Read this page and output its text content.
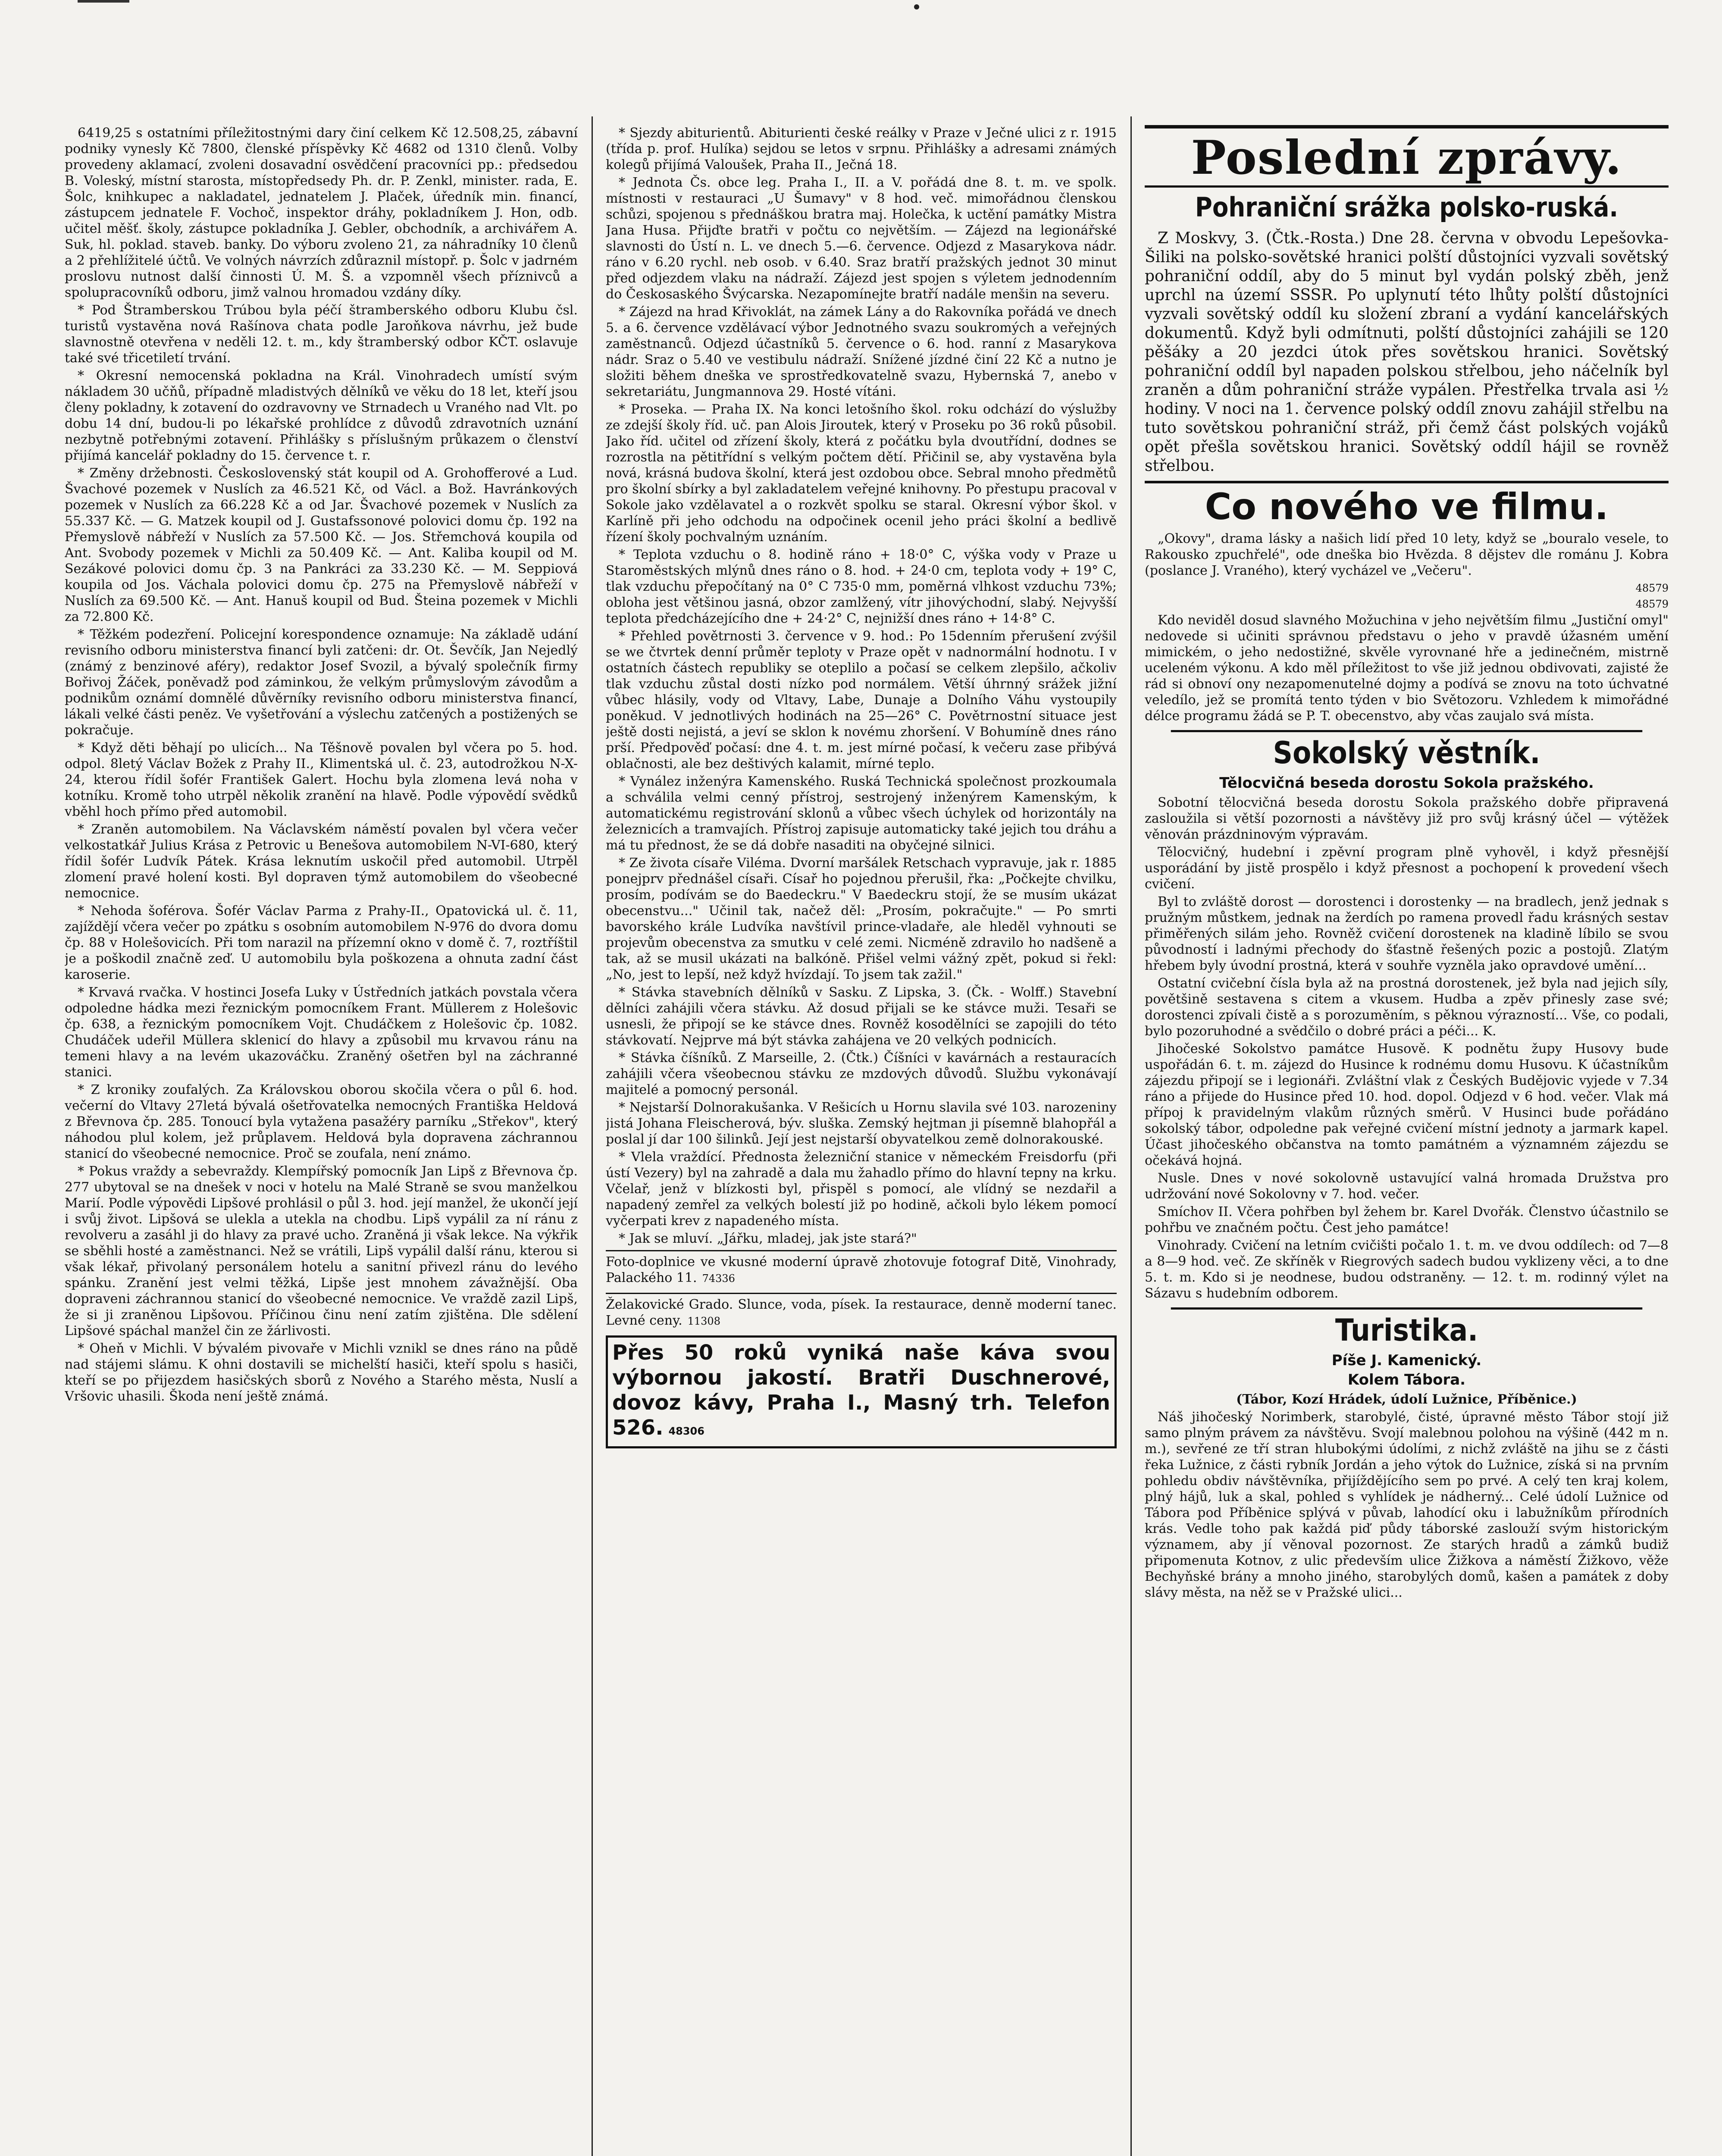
6419,25 s ostatními příležitostnými dary činí celkem Kč 12.508,25, zábavní podniky vynesly Kč 7800, členské příspěvky Kč 4682 od 1310 členů. Volby provedeny aklamací, zvoleni dosavadní osvědčení pracovníci pp.: předsedou B. Voleský, místní starosta, místopředsedy Ph. dr. P. Zenkl, minister. rada, E. Šolc, knihkupec a nakladatel, jednatelem J. Plaček, úředník min. financí, zástupcem jednatele F. Vochoč, inspektor dráhy, pokladníkem J. Hon, odb. učitel měšť. školy, zástupce pokladníka J. Gebler, obchodník, a archivářem A. Suk, hl. poklad. staveb. banky. Do výboru zvoleno 21, za náhradníky 10 členů a 2 přehlížitelé účtů. Ve volných návrzích zdůraznil místopř. p. Šolc v jadrném proslovu nutnost další činnosti Ú. M. Š. a vzpomněl všech příznivců a spolupracovníků odboru, jimž valnou hromadou vzdány díky.

* Pod Štramberskou Trúbou byla péčí štramberského odboru Klubu čsl. turistů vystavěna nová Rašínova chata podle Jaroňkova návrhu, jež bude slavnostně otevřena v neděli 12. t. m., kdy štramberský odbor KČT. oslavuje také své třicetiletí trvání.

* Okresní nemocenská pokladna na Král. Vinohradech umístí svým nákladem 30 učňů, případně mladistvých dělníků ve věku do 18 let, kteří jsou členy pokladny, k zotavení do ozdravovny ve Strnadech u Vraného nad Vlt. po dobu 14 dní, budou-li po lékařské prohlídce z důvodů zdravotních uznání nezbytně potřebnými zotavení. Přihlášky s příslušným průkazem o členství přijímá kancelář pokladny do 15. července t. r.

* Změny držebnosti. Československý stát koupil od A. Grohofferové a Lud. Švachové pozemek v Nuslích za 46.521 Kč, od Václ. a Bož. Havránkových pozemek v Nuslích za 66.228 Kč a od Jar. Švachové pozemek v Nuslích za 55.337 Kč. — G. Matzek koupil od J. Gustafssonové polovici domu čp. 192 na Přemyslově nábřeží v Nuslích za 57.500 Kč. — Jos. Střemchová koupila od Ant. Svobody pozemek v Michli za 50.409 Kč. — Ant. Kaliba koupil od M. Sezákové polovici domu čp. 3 na Pankráci za 33.230 Kč. — M. Seppiová koupila od Jos. Váchala polovici domu čp. 275 na Přemyslově nábřeží v Nuslích za 69.500 Kč. — Ant. Hanuš koupil od Bud. Šteina pozemek v Michli za 72.800 Kč.

* Těžkém podezření. Policejní korespondence oznamuje: Na základě udání revisního odboru ministerstva financí byli zatčeni: dr. Ot. Ševčík, Jan Nejedlý (známý z benzinové aféry), redaktor Josef Svozil, a bývalý společník firmy Bořivoj Žáček, poněvadž pod záminkou, že velkým průmyslovým závodům a podnikům oznámí domnělé důvěrníky revisního odboru ministerstva financí, lákali velké části peněz. Ve vyšetřování a výslechu zatčených a postižených se pokračuje.

* Když děti běhají po ulicích... Na Těšnově povalen byl včera po 5. hod. odpol. 8letý Václav Božek z Prahy II., Klimentská ul. č. 23, autodrožkou N-X-24, kterou řídil šofér František Galert. Hochu byla zlomena levá noha v kotníku. Kromě toho utrpěl několik zranění na hlavě. Podle výpovědí svědků vběhl hoch přímo před automobil.

* Zraněn automobilem. Na Václavském náměstí povalen byl včera večer velkostatkář Julius Krása z Petrovic u Benešova automobilem N-VI-680, který řídil šofér Ludvík Pátek. Krása leknutím uskočil před automobil. Utrpěl zlomení pravé holení kosti. Byl dopraven týmž automobilem do všeobecné nemocnice.

* Nehoda šoférova. Šofér Václav Parma z Prahy-II., Opatovická ul. č. 11, zajíždějí včera večer po zpátku s osobním automobilem N-976 do dvora domu čp. 88 v Holešovicích. Při tom narazil na přízemní okno v domě č. 7, roztříštil je a poškodil značně zeď. U automobilu byla poškozena a ohnuta zadní část karoserie.

* Krvavá rvačka. V hostinci Josefa Luky v Ústředních jatkách povstala včera odpoledne hádka mezi řeznickým pomocníkem Frant. Müllerem z Holešovic čp. 638, a řeznickým pomocníkem Vojt. Chudáčkem z Holešovic čp. 1082. Chudáček udeřil Müllera sklenicí do hlavy a způsobil mu krvavou ránu na temeni hlavy a na levém ukazováčku. Zraněný ošetřen byl na záchranné stanici.

* Z kroniky zoufalých. Za Královskou oborou skočila včera o půl 6. hod. večerní do Vltavy 27letá bývalá ošetřovatelka nemocných Františka Heldová z Břevnova čp. 285. Tonoucí byla vytažena pasažéry parníku „Střekov", který náhodou plul kolem, jež průplavem. Heldová byla dopravena záchrannou stanicí do všeobecné nemocnice. Proč se zoufala, není známo.

* Pokus vraždy a sebevraždy. Klempířský pomocník Jan Lipš z Břevnova čp. 277 ubytoval se na dnešek v noci v hotelu na Malé Straně se svou manželkou Marií. Podle výpovědi Lipšové prohlásil o půl 3. hod. její manžel, že ukončí její i svůj život. Lipšová se ulekla a utekla na chodbu. Lipš vypálil za ní ránu z revolveru a zasáhl ji do hlavy za pravé ucho. Zraněná ji však lekce. Na výkřik se sběhli hosté a zaměstnanci. Než se vrátili, Lipš vypálil další ránu, kterou si však lékař, přivolaný personálem hotelu a sanitní přivezl ránu do levého spánku. Zranění jest velmi těžká, Lipše jest mnohem závažnější. Oba dopraveni záchrannou stanicí do všeobecné nemocnice. Ve vraždě zazil Lipš, že si ji zraněnou Lipšovou. Příčinou činu není zatím zjištěna. Dle sdělení Lipšové spáchal manžel čin ze žárlivosti.

* Oheň v Michli. V bývalém pivovaře v Michli vznikl se dnes ráno na půdě nad stájemi slámu. K ohni dostavili se michelští hasiči, kteří spolu s hasiči, kteří se po přijezdem hasičských sborů z Nového a Starého města, Nuslí a Vršovic uhasili. Škoda není ještě známá.

* Sjezdy abiturientů. Abiturienti české reálky v Praze v Ječné ulici z r. 1915 (třída p. prof. Hulíka) sejdou se letos v srpnu. Přihlášky a adresami známých kolegů přijímá Valoušek, Praha II., Ječná 18.

* Jednota Čs. obce leg. Praha I., II. a V. pořádá dne 8. t. m. ve spolk. místnosti v restauraci „U Šumavy" v 8 hod. več. mimořádnou členskou schůzi, spojenou s přednáškou bratra maj. Holečka, k uctění památky Mistra Jana Husa. Přijďte bratři v počtu co největším. — Zájezd na legionářské slavnosti do Ústí n. L. ve dnech 5.—6. července. Odjezd z Masarykova nádr. ráno v 6.20 rychl. neb osob. v 6.40. Sraz bratří pražských jednot 30 minut před odjezdem vlaku na nádraží. Zájezd jest spojen s výletem jednodenním do Českosaského Švýcarska. Nezapomínejte bratří nadále menšin na severu.

* Zájezd na hrad Křivoklát, na zámek Lány a do Rakovníka pořádá ve dnech 5. a 6. července vzdělávací výbor Jednotného svazu soukromých a veřejných zaměstnanců. Odjezd účastníků 5. července o 6. hod. ranní z Masarykova nádr. Sraz o 5.40 ve vestibulu nádraží. Snížené jízdné činí 22 Kč a nutno je složiti během dneška ve sprostředkovatelně svazu, Hybernská 7, anebo v sekretariátu, Jungmannova 29. Hosté vítáni.

* Proseka. — Praha IX. Na konci letošního škol. roku odchází do výslužby ze zdejší školy říd. uč. pan Alois Jiroutek, který v Proseku po 36 roků působil. Jako říd. učitel od zřízení školy, která z počátku byla dvoutřídní, dodnes se rozrostla na pětitřídní s velkým počtem dětí. Přičinil se, aby vystavěna byla nová, krásná budova školní, která jest ozdobou obce. Sebral mnoho předmětů pro školní sbírky a byl zakladatelem veřejné knihovny. Po přestupu pracoval v Sokole jako vzdělavatel a o rozkvět spolku se staral. Okresní výbor škol. v Karlíně při jeho odchodu na odpočinek ocenil jeho práci školní a bedlivě řízení školy pochvalným uznáním.

* Teplota vzduchu o 8. hodině ráno + 18·0° C, výška vody v Praze u Staroměstských mlýnů dnes ráno o 8. hod. + 24·0 cm, teplota vody + 19° C, tlak vzduchu přepočítaný na 0° C 735·0 mm, poměrná vlhkost vzduchu 73%; obloha jest většinou jasná, obzor zamlžený, vítr jihovýchodní, slabý. Nejvyšší teplota předcházejícího dne + 24·2° C, nejnižší dnes ráno + 14·8° C.

* Přehled povětrnosti 3. července v 9. hod.: Po 15denním přerušení zvýšil se we čtvrtek denní průměr teploty v Praze opět v nadnormální hodnotu. I v ostatních částech republiky se oteplilo a počasí se celkem zlepšilo, ačkoliv tlak vzduchu zůstal dosti nízko pod normálem. Větší úhrnný srážek jižní vůbec hlásily, vody od Vltavy, Labe, Dunaje a Dolního Váhu vystoupily poněkud. V jednotlivých hodinách na 25—26° C. Povětrnostní situace jest ještě dosti nejistá, a jeví se sklon k novému zhoršení. V Bohumíně dnes ráno prší. Předpověď počasí: dne 4. t. m. jest mírné počasí, k večeru zase přibývá oblačnosti, ale bez deštivých kalamit, mírné teplo.

* Vynález inženýra Kamenského. Ruská Technická společnost prozkoumala a schválila velmi cenný přístroj, sestrojený inženýrem Kamenským, k automatickému registrování sklonů a vůbec všech úchylek od horizontály na železnicích a tramvajích. Přístroj zapisuje automaticky také jejich tou dráhu a má tu přednost, že se dá dobře nasaditi na obyčejné silnici.

* Ze života císaře Viléma. Dvorní maršálek Retschach vypravuje, jak r. 1885 ponejprv přednášel císaři. Císař ho pojednou přerušil, řka: „Počkejte chvilku, prosím, podívám se do Baedeckru." V Baedeckru stojí, že se musím ukázat obecenstvu..." Učinil tak, načež děl: „Prosím, pokračujte." — Po smrti bavorského krále Ludvíka navštívil prince-vladaře, ale hleděl vyhnouti se projevům obecenstva za smutku v celé zemi. Nicméně zdravilo ho nadšeně a tak, až se musil ukázati na balkóně. Přišel velmi vážný zpět, pokud si řekl: „No, jest to lepší, než když hvízdají. To jsem tak zažil."

* Stávka stavebních dělníků v Sasku. Z Lipska, 3. (Čk. - Wolff.) Stavební dělníci zahájili včera stávku. Až dosud přijali se ke stávce muži. Tesaři se usnesli, že připojí se ke stávce dnes. Rovněž kosodělníci se zapojili do této stávkovatí. Nejprve má být stávka zahájena ve 20 velkých podnicích.

* Stávka číšníků. Z Marseille, 2. (Čtk.) Číšníci v kavárnách a restauracích zahájili včera všeobecnou stávku ze mzdových důvodů. Službu vykonávají majitelé a pomocný personál.

* Nejstarší Dolnorakušanka. V Rešicích u Hornu slavila své 103. narozeniny jistá Johana Fleischerová, býv. sluška. Zemský hejtman ji písemně blahopřál a poslal jí dar 100 šilinků. Její jest nejstarší obyvatelkou země dolnorakouské.

* Vlela vraždící. Přednosta železniční stanice v německém Freisdorfu (při ústí Vezery) byl na zahradě a dala mu žahadlo přímo do hlavní tepny na krku. Včelař, jenž v blízkosti byl, přispěl s pomocí, ale vlídný se nezdařil a napadený zemřel za velkých bolestí již po hodině, ačkoli bylo lékem pomocí vyčerpati krev z napadeného místa.

* Jak se mluví. „Jářku, mladej, jak jste stará?"

Foto-doplnice ve vkusné moderní úpravě zhotovuje fotograf Ditě, Vinohrady, Palackého 11. 74336
Želakovické Grado. Slunce, voda, písek. Ia restaurace, denně moderní tanec. Levné ceny. 11308
Přes 50 roků vyniká naše káva svou výbornou jakostí. Bratři Duschnerové, dovoz kávy, Praha I., Masný trh. Telefon 526. 48306
Poslední zprávy.
Pohraniční srážka polsko-ruská.

Z Moskvy, 3. (Čtk.-Rosta.) Dne 28. června v obvodu Lepešovka-Šiliki na polsko-sovětské hranici polští důstojníci vyzvali sovětský pohraniční oddíl, aby do 5 minut byl vydán polský zběh, jenž uprchl na území SSSR. Po uplynutí této lhůty polští důstojníci vyzvali sovětský oddíl ku složení zbraní a vydání kancelářských dokumentů. Když byli odmítnuti, polští důstojníci zahájili se 120 pěšáky a 20 jezdci útok přes sovětskou hranici. Sovětský pohraniční oddíl byl napaden polskou střelbou, jeho náčelník byl zraněn a dům pohraniční stráže vypálen. Přestřelka trvala asi ½ hodiny. V noci na 1. července polský oddíl znovu zahájil střelbu na tuto sovětskou pohraniční stráž, při čemž část polských vojáků opět přešla sovětskou hranici. Sovětský oddíl hájil se rovněž střelbou.

Co nového ve filmu.

„Okovy", drama lásky a našich lidí před 10 lety, když se „bouralo vesele, to Rakousko zpuchřelé", ode dneška bio Hvězda. 8 dějstev dle románu J. Kobra (poslance J. Vraného), který vycházel ve „Večeru".

48579
48579

Kdo neviděl dosud slavného Možuchina v jeho největším filmu „Justiční omyl" nedovede si učiniti správnou představu o jeho v pravdě úžasném umění mimickém, o jeho nedostižné, skvěle vyrovnané hře a jedinečném, mistrně uceleném výkonu. A kdo měl příležitost to vše již jednou obdivovati, zajisté že rád si obnoví ony nezapomenutelné dojmy a podívá se znovu na toto úchvatné veledílo, jež se promítá tento týden v bio Světozoru. Vzhledem k mimořádné délce programu žádá se P. T. obecenstvo, aby včas zaujalo svá místa.

Sokolský věstník.
Tělocvičná beseda dorostu Sokola pražského.

Sobotní tělocvičná beseda dorostu Sokola pražského dobře připravená zasloužila si větší pozornosti a návštěvy již pro svůj krásný účel — výtěžek věnován prázdninovým výpravám.

Tělocvičný, hudební i zpěvní program plně vyhověl, i když přesnější usporádání by jistě prospělo i když přesnost a pochopení k provedení všech cvičení.

Byl to zvláště dorost — dorostenci i dorostenky — na bradlech, jenž jednak s pružným můstkem, jednak na žerdích po ramena provedl řadu krásných sestav přiměřených silám jeho. Rovněž cvičení dorostenek na kladině líbilo se svou původností i ladnými přechody do šťastně řešených pozic a postojů. Zlatým hřebem byly úvodní prostná, která v souhře vyzněla jako opravdové umění...

Ostatní cvičební čísla byla až na prostná dorostenek, jež byla nad jejich síly, povětšině sestavena s citem a vkusem. Hudba a zpěv přinesly zase své; dorostenci zpívali čistě a s porozuměním, s pěknou výrazností... Vše, co podali, bylo pozoruhodné a svědčilo o dobré práci a péči... K.

Jihočeské Sokolstvo památce Husově. K podnětu župy Husovy bude uspořádán 6. t. m. zájezd do Husince k rodnému domu Husovu. K účastníkům zájezdu připojí se i legionáři. Zvláštní vlak z Českých Budějovic vyjede v 7.34 ráno a přijede do Husince před 10. hod. dopol. Odjezd v 6 hod. večer. Vlak má přípoj k pravidelným vlakům různých směrů. V Husinci bude pořádáno sokolský tábor, odpoledne pak veřejné cvičení místní jednoty a jarmark kapel. Účast jihočeského občanstva na tomto památném a významném zájezdu se očekává hojná.

Nusle. Dnes v nové sokolovně ustavující valná hromada Družstva pro udržování nové Sokolovny v 7. hod. večer.

Smíchov II. Včera pohřben byl žehem br. Karel Dvořák. Členstvo účastnilo se pohřbu ve značném počtu. Čest jeho památce!

Vinohrady. Cvičení na letním cvičišti počalo 1. t. m. ve dvou oddílech: od 7—8 a 8—9 hod. več. Ze skříněk v Riegrových sadech budou vyklizeny věci, a to dne 5. t. m. Kdo si je neodnese, budou odstraněny. — 12. t. m. rodinný výlet na Sázavu s hudebním odborem.

Turistika.
Píše J. Kamenický.
Kolem Tábora.

(Tábor, Kozí Hrádek, údolí Lužnice, Příběnice.)

Náš jihočeský Norimberk, starobylé, čisté, úpravné město Tábor stojí již samo plným právem za návštěvu. Svojí malebnou polohou na výšině (442 m n. m.), sevřené ze tří stran hlubokými údolími, z nichž zvláště na jihu se z části řeka Lužnice, z části rybník Jordán a jeho výtok do Lužnice, získá si na prvním pohledu obdiv návštěvníka, přijíždějícího sem po prvé. A celý ten kraj kolem, plný hájů, luk a skal, pohled s vyhlídek je nádherný... Celé údolí Lužnice od Tábora pod Příběnice splývá v půvab, lahodící oku i labužníkům přírodních krás. Vedle toho pak každá piď půdy táborské zaslouží svým historickým významem, aby jí věnoval pozornost. Ze starých hradů a zámků budiž připomenuta Kotnov, z ulic především ulice Žižkova a náměstí Žižkovo, věže Bechyňské brány a mnoho jiného, starobylých domů, kašen a památek z doby slávy města, na něž se v Pražské ulici...
